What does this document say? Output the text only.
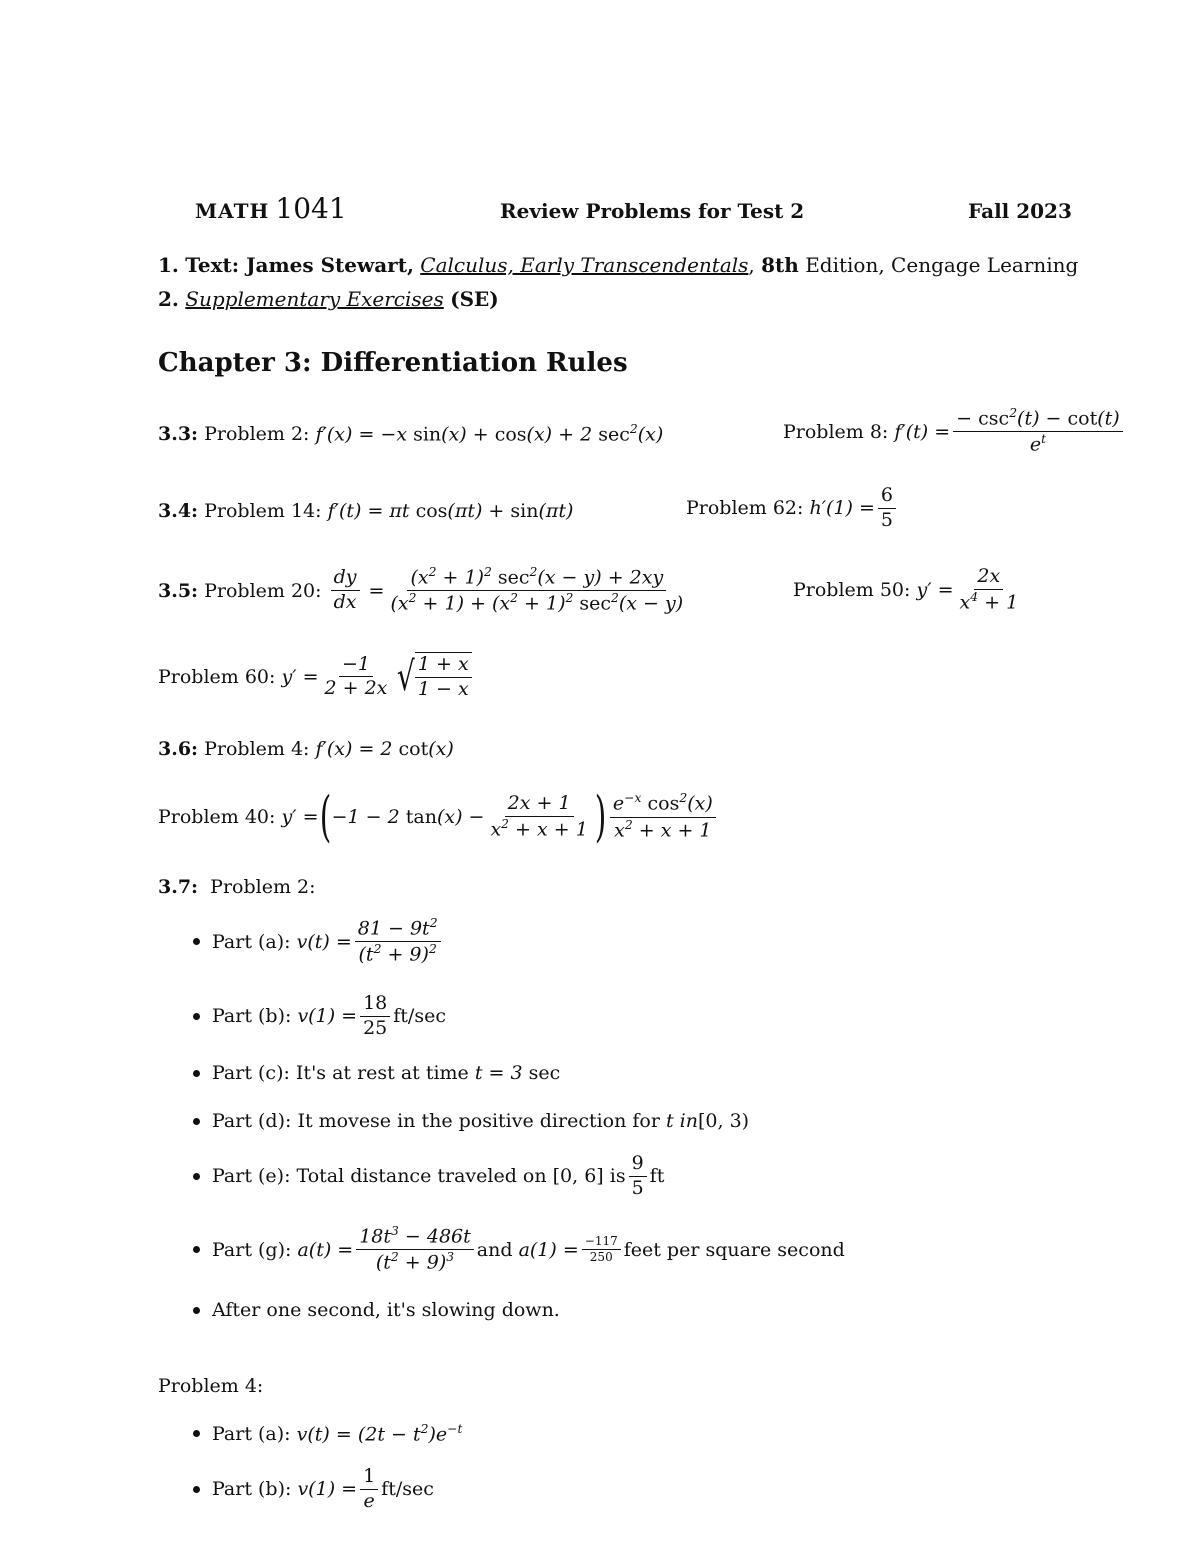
MATH 1041	Review Problems for Test 2	Fall 2023
1. Text: James Stewart, Calculus, Early Transcendentals, 8th Edition, Cengage Learning
2. Supplementary Exercises (SE)
Chapter 3: Differentiation Rules
3.3:
Problem 2:
f′(x) = −x sin(x) + cos(x) + 2 $\sec^2(x)$	Problem 8:
$f'(t) = \frac{- \csc^2(t) - \cot(t)}{e^t}$
3.4:
Problem 14:
f′(t) = πt cos(πt) + sin(πt)	Problem 62:
$h'(1) = \frac{6}{5}$
3.5:
Problem 20:
$\frac{dy}{dx} = \frac{(x^2 + 1)^2 \sec^2(x - y) + 2xy}{(x^2 + 1) + (x^2 + 1)^2 \sec^2(x - y)}$	Problem 50:
$y' = \frac{2x}{x^4 + 1}$
Problem 60:
$y' = \frac{-1}{2 + 2x}$ √ $\frac{1 + x}{1 - x}$
3.6:
Problem 4:
f′(x) = 2 cot(x)
Problem 40:
y′ = ( −1 − 2 $\tan(x) - \frac{2x + 1}{x^2 + x + 1}$ ) $\frac{e^{-x} \cos^2(x)}{x^2 + x + 1}$
3.7: Problem 2:
Part (a):
$v(t) = \frac{81 - 9t^2}{(t^2 + 9)^2}$
Part (b):
$v(1) = \frac{18}{25} ft/\sec$
Part (c): It's at rest at time
t = 3
sec
Part (d): It movese in the positive direction for
t in [0, 3)
Part (e): Total distance traveled on [0, 6] is $\frac{9}{5}$ ft
Part (g):
$a(t) = \frac{18t^3 - 486t}{(t^2 + 9)^3}$ and
$a(1) = \frac{-117}{250}$ feet per square second
After one second, it's slowing down.
Problem 4:
Part (a):
$v(t) = (2t - t^2)e^{-t}$
Part (b):
$v(1) = \frac{1}{e} ft/\sec$
